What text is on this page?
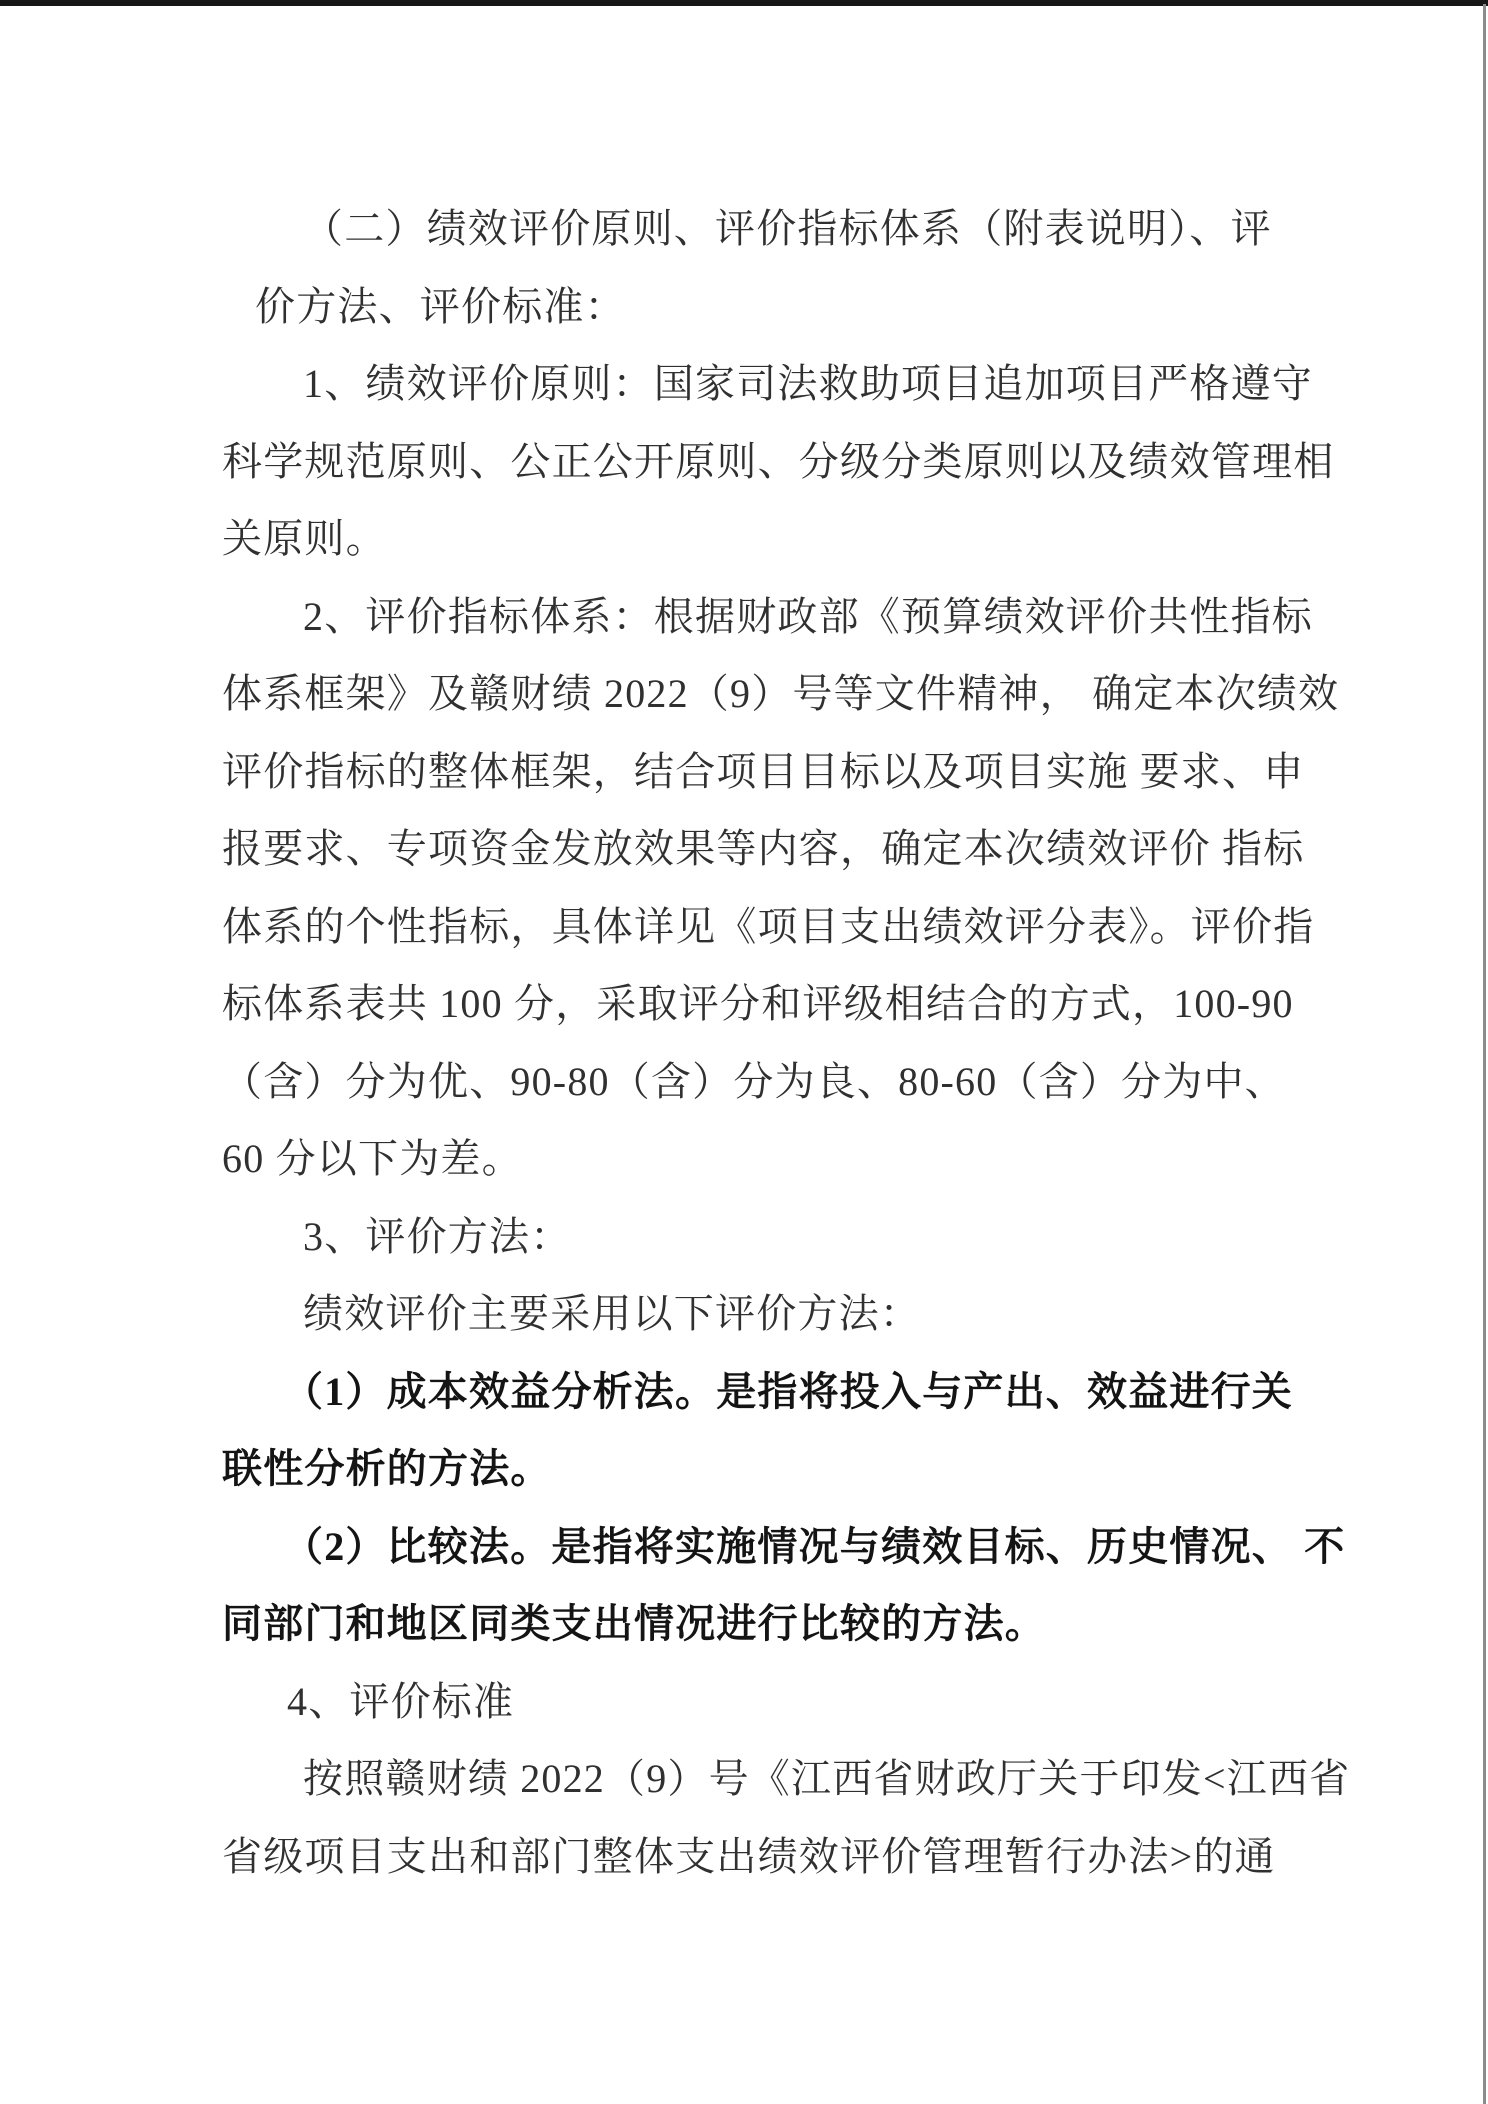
（二）绩效评价原则、评价指标体系（附表说明）、评
价方法、评价标准：
1、绩效评价原则：国家司法救助项目追加项目严格遵守
科学规范原则、公正公开原则、分级分类原则以及绩效管理相
关原则。
2、评价指标体系：根据财政部《预算绩效评价共性指标
体系框架》及赣财绩 2022（9）号等文件精神， 确定本次绩效
评价指标的整体框架，结合项目目标以及项目实施 要求、申
报要求、专项资金发放效果等内容，确定本次绩效评价 指标
体系的个性指标，具体详见《项目支出绩效评分表》。评价指
标体系表共 100 分，采取评分和评级相结合的方式，100-90
（含）分为优、90-80（含）分为良、80-60（含）分为中、
60 分以下为差。
3、评价方法：
绩效评价主要采用以下评价方法：
（1）成本效益分析法。是指将投入与产出、效益进行关
联性分析的方法。
（2）比较法。是指将实施情况与绩效目标、历史情况、 不
同部门和地区同类支出情况进行比较的方法。
4、评价标准
按照赣财绩 2022（9）号《江西省财政厅关于印发<江西省
省级项目支出和部门整体支出绩效评价管理暂行办法>的通
